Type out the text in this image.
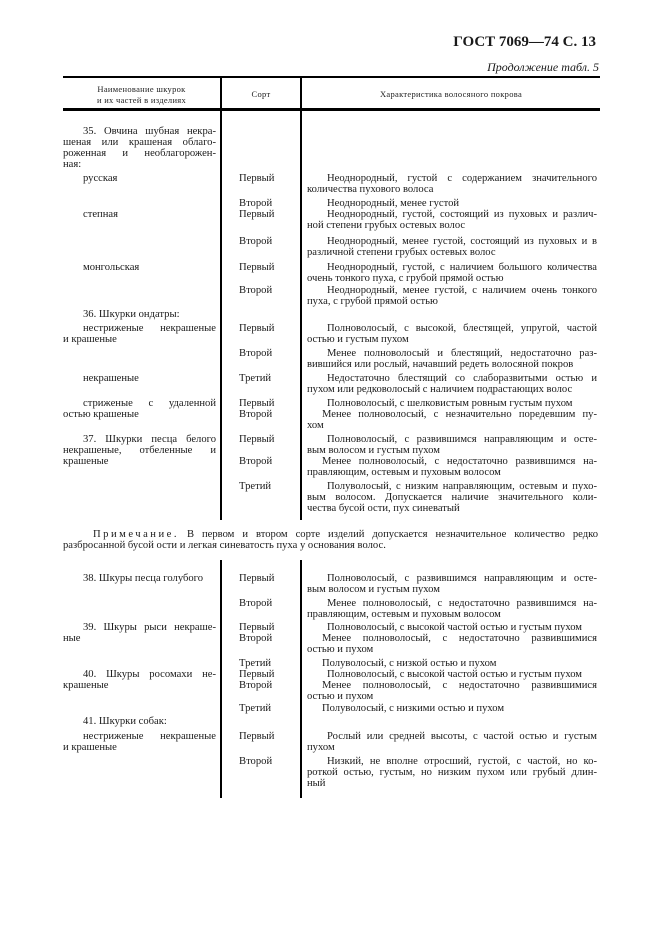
ГОСТ 7069—74 С. 13
Продолжение табл. 5
Наименование шкурок
и их частей в изделиях
Сорт	Характеристика волосяного покрова
35. Овчина шубная некра-
шеная или крашеная облаго-
роженная и необлагорожен-
ная:
русская	Первый	Неоднородный, густой с содержанием значительного
количества пухового волоса
Второй	Неоднородный, менее густой
степная	Первый	Неоднородный, густой, состоящий из пуховых и различ-
ной степени грубых остевых волос
Второй	Неоднородный, менее густой, состоящий из пуховых и в
различной степени грубых остевых волос
монгольская	Первый	Неоднородный, густой, с наличием большого количества
очень тонкого пуха, с грубой прямой остью
Второй	Неоднородный, менее густой, с наличием очень тонкого
пуха, с грубой прямой остью
36. Шкурки ондатры:
нестриженые некрашеные
и крашеные
Первый	Полноволосый, с высокой, блестящей, упругой, частой
остью и густым пухом
Второй	Менее полноволосый и блестящий, недостаточно раз-
вившийся или рослый, начавший редеть волосяной покров
некрашеные	Третий	Недостаточно блестящий со слаборазвитыми остью и
пухом или редковолосый с наличием подрастающих волос
стриженые с удаленной
остью крашеные
Первый	Полноволосый, с шелковистым ровным густым пухом
Второй	Менее полноволосый, с незначительно поредевшим пу-
хом
37. Шкурки песца белого
некрашеные, отбеленные и
крашеные
Первый	Полноволосый, с развившимся направляющим и осте-
вым волосом и густым пухом
Второй	Менее полноволосый, с недостаточно развившимся на-
правляющим, остевым и пуховым волосом
Третий	Полуволосый, с низким направляющим, остевым и пухо-
вым волосом. Допускается наличие значительного коли-
чества бусой ости, пух синеватый
Примечание. В первом и втором сорте изделий допускается незначительное количество редко
разбросанной бусой ости и легкая синеватость пуха у основания волос.
38. Шкуры песца голубого	Первый	Полноволосый, с развившимся направляющим и осте-
вым волосом и густым пухом
Второй	Менее полноволосый, с недостаточно развившимся на-
правляющим, остевым и пуховым волосом
39. Шкуры рыси некраше-
ные
Первый	Полноволосый, с высокой частой остью и густым пухом
Второй	Менее полноволосый, с недостаточно развившимися
остью и пухом
Третий	Полуволосый, с низкой остью и пухом
40. Шкуры росомахи не-
крашеные
Первый	Полноволосый, с высокой частой остью и густым пухом
Второй	Менее полноволосый, с недостаточно развившимися
остью и пухом
Третий	Полуволосый, с низкими остью и пухом
41. Шкурки собак:
нестриженые некрашеные
и крашеные
Первый	Рослый или средней высоты, с частой остью и густым
пухом
Второй	Низкий, не вполне отросший, густой, с частой, но ко-
роткой остью, густым, но низким пухом или грубый длин-
ный
